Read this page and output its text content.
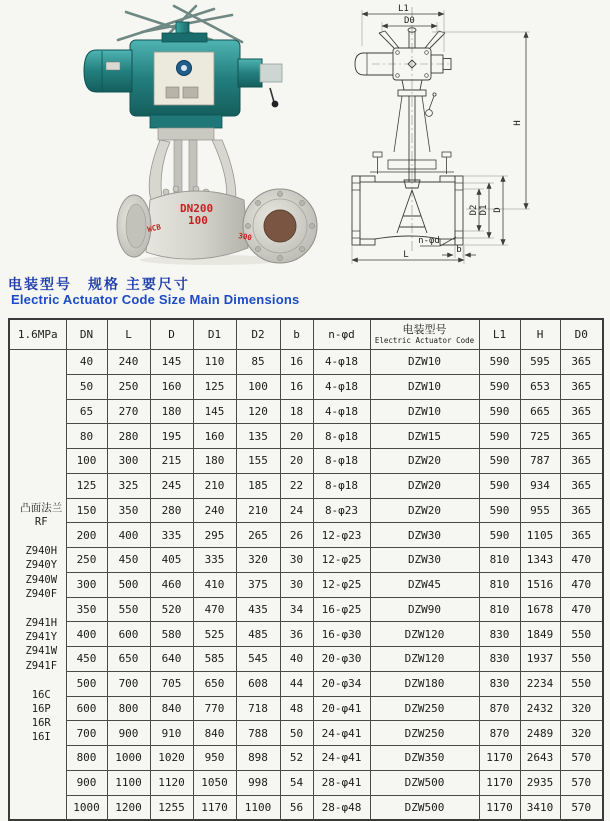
DN200
100
WCB
300
L1
D0
H
D2 D1 D
n-φd
b
L
电装型号　规格 主要尺寸
Electric Actuator Code Size Main Dimensions
1.6MPa	DN	L	D	D1	D2	b	n-φd	电装型号
Electric Actuator Code	L1	H	D0

凸面法兰
RF
Z940H
Z940Y
Z940W
Z940F
Z941H
Z941Y
Z941W
Z941F
16C
16P
16R
16I
	40	240	145	110	85	16	4-φ18	DZW10	590	595	365
	50	250	160	125	100	16	4-φ18	DZW10	590	653	365
	65	270	180	145	120	18	4-φ18	DZW10	590	665	365
	80	280	195	160	135	20	8-φ18	DZW15	590	725	365
	100	300	215	180	155	20	8-φ18	DZW20	590	787	365
	125	325	245	210	185	22	8-φ18	DZW20	590	934	365
	150	350	280	240	210	24	8-φ23	DZW20	590	955	365
	200	400	335	295	265	26	12-φ23	DZW30	590	1105	365
	250	450	405	335	320	30	12-φ25	DZW30	810	1343	470
	300	500	460	410	375	30	12-φ25	DZW45	810	1516	470
	350	550	520	470	435	34	16-φ25	DZW90	810	1678	470
	400	600	580	525	485	36	16-φ30	DZW120	830	1849	550
	450	650	640	585	545	40	20-φ30	DZW120	830	1937	550
	500	700	705	650	608	44	20-φ34	DZW180	830	2234	550
	600	800	840	770	718	48	20-φ41	DZW250	870	2432	320
	700	900	910	840	788	50	24-φ41	DZW250	870	2489	320
	800	1000	1020	950	898	52	24-φ41	DZW350	1170	2643	570
	900	1100	1120	1050	998	54	28-φ41	DZW500	1170	2935	570
	1000	1200	1255	1170	1100	56	28-φ48	DZW500	1170	3410	570
